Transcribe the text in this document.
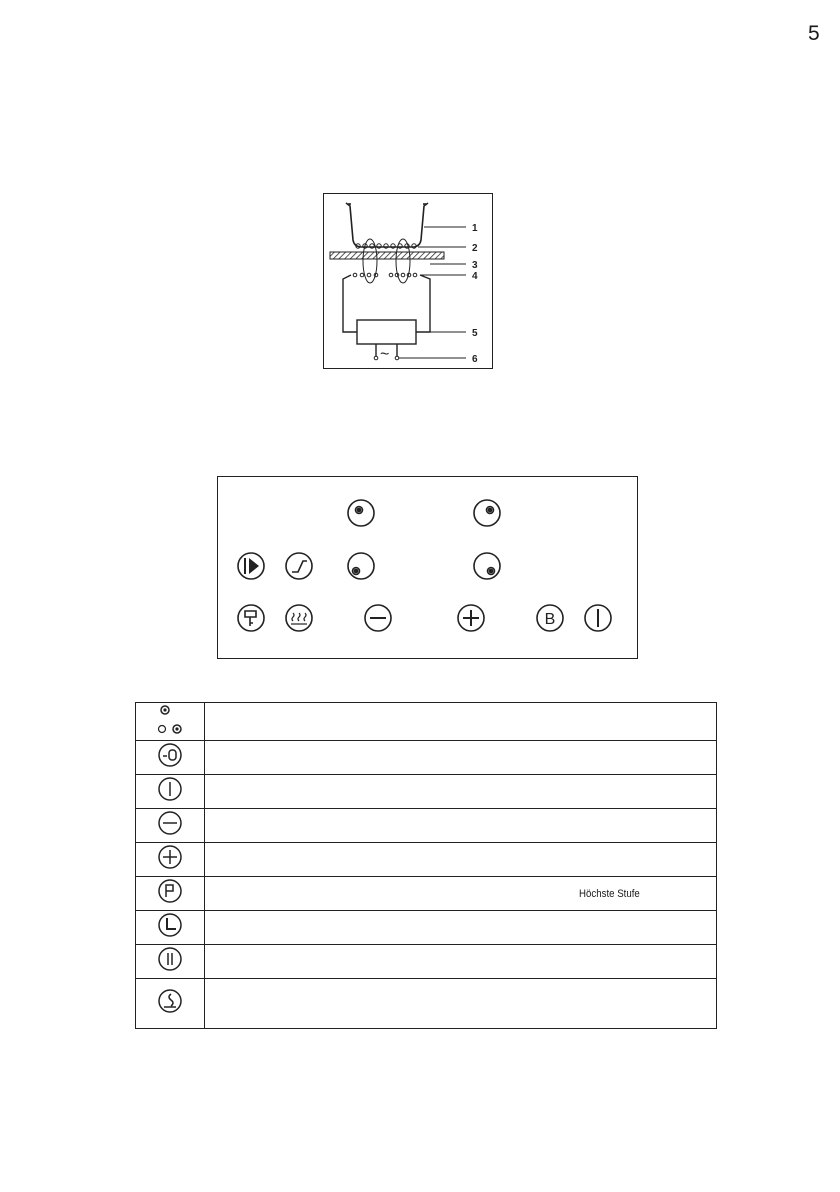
5
~
1
2
3
4
5
6
B

Höchste Stufe
